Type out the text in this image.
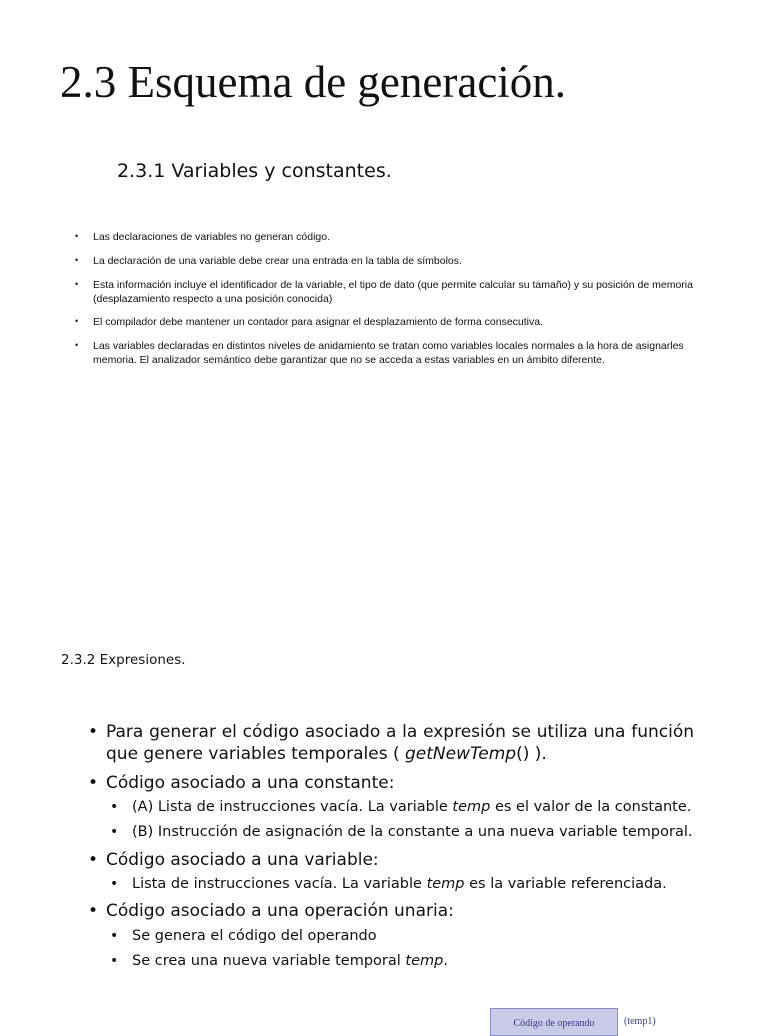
2.3 Esquema de generación.
2.3.1 Variables y constantes.
• Las declaraciones de variables no generan código.
• La declaración de una variable debe crear una entrada en la tabla de símbolos.
• Esta información incluye el identificador de la variable, el tipo de dato (que permite calcular su tamaño) y su posición de memoria (desplazamiento respecto a una posición conocida)
• El compilador debe mantener un contador para asignar el desplazamiento de forma consecutiva.
• Las variables declaradas en distintos niveles de anidamiento se tratan como variables locales normales a la hora de asignarles memoria. El analizador semántico debe garantizar que no se acceda a estas variables en un ámbito diferente.
2.3.2 Expresiones.
• Para generar el código asociado a la expresión se utiliza una función que genere variables temporales ( getNewTemp() ).
• Código asociado a una constante:
• (A) Lista de instrucciones vacía. La variable temp es el valor de la constante.
• (B) Instrucción de asignación de la constante a una nueva variable temporal.
• Código asociado a una variable:
• Lista de instrucciones vacía. La variable temp es la variable referenciada.
• Código asociado a una operación unaria:
• Se genera el código del operando
• Se crea una nueva variable temporal temp.
Código de operando	(temp1)
